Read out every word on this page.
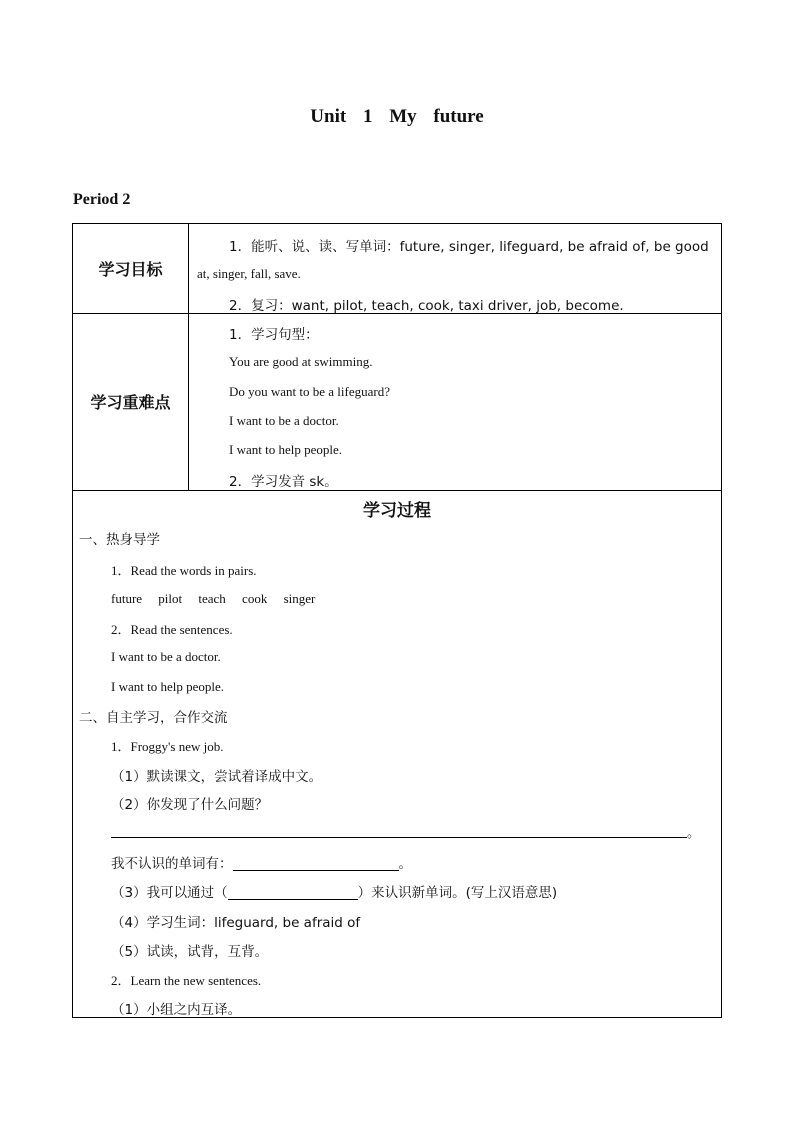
Unit 1 My future
Period 2
学习目标
1．能听、说、读、写单词：future, singer, lifeguard, be afraid of, be good
at, singer, fall, save.
2．复习：want, pilot, teach, cook, taxi driver, job, become.
学习重难点
1．学习句型：
You are good at swimming.
Do you want to be a lifeguard?
I want to be a doctor.
I want to help people.
2．学习发音 sk。
学习过程
一、热身导学
1．Read the words in pairs.
future     pilot     teach     cook     singer
2．Read the sentences.
I want to be a doctor.
I want to help people.
二、自主学习，合作交流
1．Froggy's new job.
（1）默读课文，尝试着译成中文。
（2）你发现了什么问题？
。
我不认识的单词有：	。
（3）我可以通过（	）来认识新单词。(写上汉语意思)
（4）学习生词：lifeguard, be afraid of
（5）试读，试背，互背。
2．Learn the new sentences.
（1）小组之内互译。
